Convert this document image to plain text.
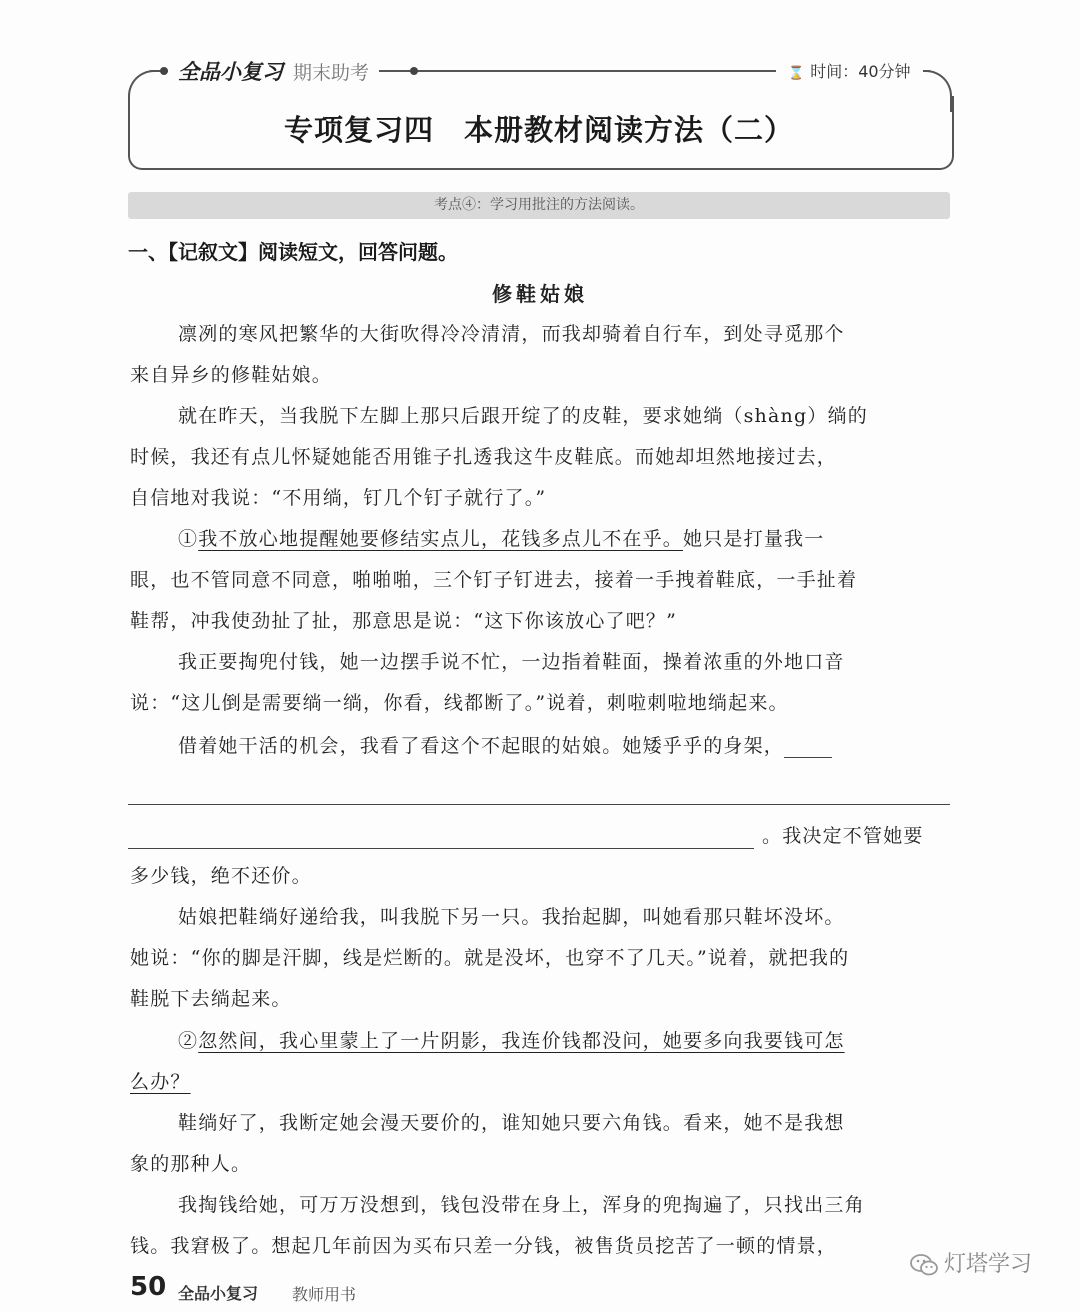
全品小复习 期末助考	⌛ 时间：40分钟
专项复习四　本册教材阅读方法（二）
考点④：学习用批注的方法阅读。
一、【记叙文】阅读短文，回答问题。
修鞋姑娘
凛冽的寒风把繁华的大街吹得冷冷清清，而我却骑着自行车，到处寻觅那个
来自异乡的修鞋姑娘。
就在昨天，当我脱下左脚上那只后跟开绽了的皮鞋，要求她绱（shàng）绱的
时候，我还有点儿怀疑她能否用锥子扎透我这牛皮鞋底。而她却坦然地接过去，
自信地对我说：“不用绱，钉几个钉子就行了。”
①我不放心地提醒她要修结实点儿，花钱多点儿不在乎。她只是打量我一
眼，也不管同意不同意，啪啪啪，三个钉子钉进去，接着一手拽着鞋底，一手扯着
鞋帮，冲我使劲扯了扯，那意思是说：“这下你该放心了吧？”
我正要掏兜付钱，她一边摆手说不忙，一边指着鞋面，操着浓重的外地口音
说：“这儿倒是需要绱一绱，你看，线都断了。”说着，刺啦刺啦地绱起来。
借着她干活的机会，我看了看这个不起眼的姑娘。她矮乎乎的身架，
。我决定不管她要
多少钱，绝不还价。
姑娘把鞋绱好递给我，叫我脱下另一只。我抬起脚，叫她看那只鞋坏没坏。
她说：“你的脚是汗脚，线是烂断的。就是没坏，也穿不了几天。”说着，就把我的
鞋脱下去绱起来。
②忽然间，我心里蒙上了一片阴影，我连价钱都没问，她要多向我要钱可怎
么办？
鞋绱好了，我断定她会漫天要价的，谁知她只要六角钱。看来，她不是我想
象的那种人。
我掏钱给她，可万万没想到，钱包没带在身上，浑身的兜掏遍了，只找出三角
钱。我窘极了。想起几年前因为买布只差一分钱，被售货员挖苦了一顿的情景，
50 全品小复习 教师用书
灯塔学习
